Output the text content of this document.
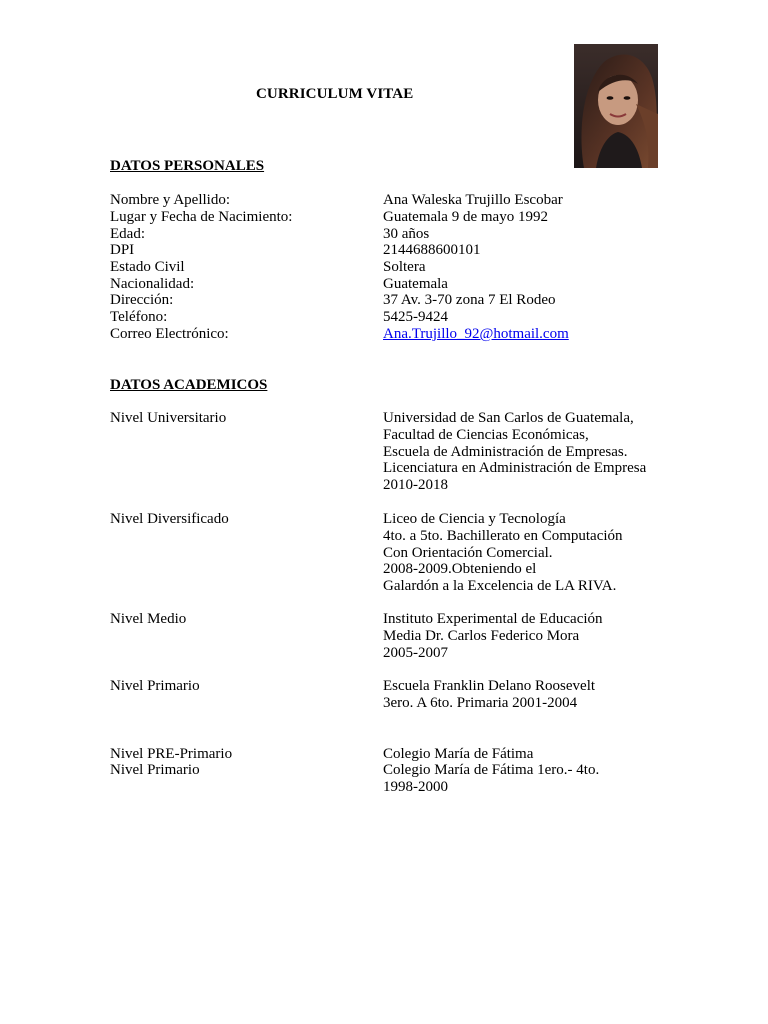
CURRICULUM VITAE
DATOS PERSONALES
Nombre y Apellido:	Ana Waleska Trujillo Escobar
Lugar y Fecha de Nacimiento:	Guatemala 9 de mayo 1992
Edad:	30 años
DPI	2144688600101
Estado Civil	Soltera
Nacionalidad:	Guatemala
Dirección:	37 Av. 3-70 zona 7 El Rodeo
Teléfono:	5425-9424
Correo Electrónico:	Ana.Trujillo_92@hotmail.com
DATOS ACADEMICOS
Nivel Universitario	Universidad de San Carlos de Guatemala,
Facultad de Ciencias Económicas,
Escuela de Administración de Empresas.
Licenciatura en Administración de Empresa
2010-2018
Nivel Diversificado	Liceo de Ciencia y Tecnología
4to. a 5to. Bachillerato en Computación
Con Orientación Comercial.
2008-2009.Obteniendo el
Galardón a la Excelencia de LA RIVA.
Nivel Medio	Instituto Experimental de Educación
Media Dr. Carlos Federico Mora
2005-2007
Nivel Primario	Escuela Franklin Delano Roosevelt
3ero. A 6to. Primaria 2001-2004
Nivel PRE-Primario	Colegio María de Fátima
Nivel Primario	Colegio María de Fátima 1ero.- 4to.
1998-2000
